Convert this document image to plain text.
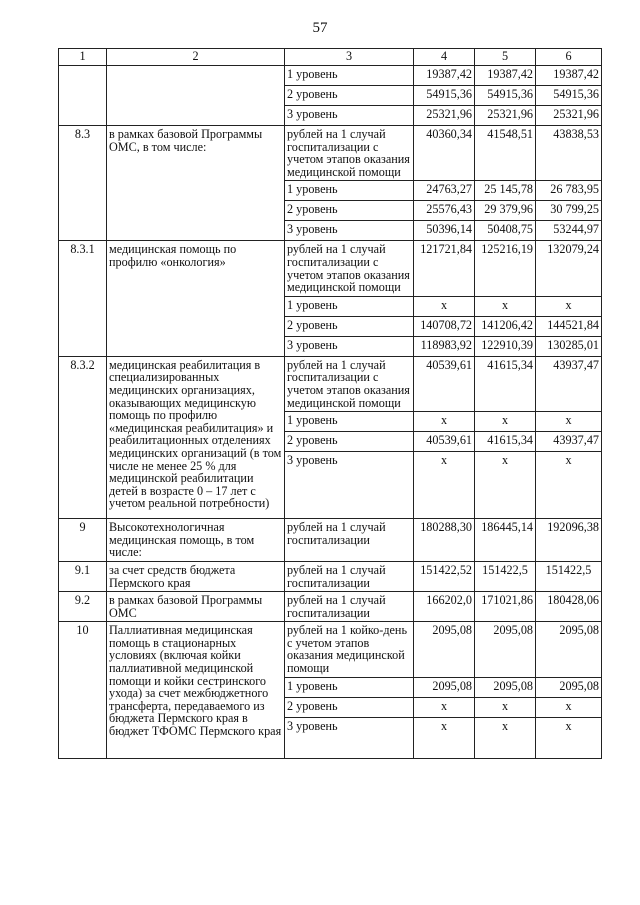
57
1	2	3	4	5	6
		1 уровень	19387,42	19387,42	19387,42
		2 уровень	54915,36	54915,36	54915,36
		3 уровень	25321,96	25321,96	25321,96
8.3	в рамках базовой Программы ОМС, в том числе:	рублей на 1 случай госпитализации с учетом этапов оказания медицинской помощи	40360,34	41548,51	43838,53
		1 уровень	24763,27	25 145,78	26 783,95
		2 уровень	25576,43	29 379,96	30 799,25
		3 уровень	50396,14	50408,75	53244,97
8.3.1	медицинская помощь по профилю «онкология»	рублей на 1 случай госпитализации с учетом этапов оказания медицинской помощи	121721,84	125216,19	132079,24
		1 уровень	х	х	х
		2 уровень	140708,72	141206,42	144521,84
		3 уровень	118983,92	122910,39	130285,01
8.3.2	медицинская реабилитация в специализированных медицинских организациях, оказывающих медицинскую помощь по профилю «медицинская реабилитация» и реабилитационных отделениях медицинских организаций (в том числе не менее 25 % для медицинской реабилитации детей в возрасте 0 – 17 лет с учетом реальной потребности)	рублей на 1 случай госпитализации с учетом этапов оказания медицинской помощи	40539,61	41615,34	43937,47
		1 уровень	х	х	х
		2 уровень	40539,61	41615,34	43937,47
		3 уровень	х	х	х
9	Высокотехнологичная медицинская помощь, в том числе:	рублей на 1 случай госпитализации	180288,30	186445,14	192096,38
9.1	за счет средств бюджета Пермского края	рублей на 1 случай госпитализации	151422,52	151422,5	151422,5
9.2	в рамках базовой Программы ОМС	рублей на 1 случай госпитализации	166202,0	171021,86	180428,06
10	Паллиативная медицинская помощь в стационарных условиях (включая койки паллиативной медицинской помощи и койки сестринского ухода) за счет межбюджетного трансферта, передаваемого из бюджета Пермского края в бюджет ТФОМС Пермского края	рублей на 1 койко-день с учетом этапов оказания медицинской помощи	2095,08	2095,08	2095,08
		1 уровень	2095,08	2095,08	2095,08
		2 уровень	х	х	х
		3 уровень	х	х	х
